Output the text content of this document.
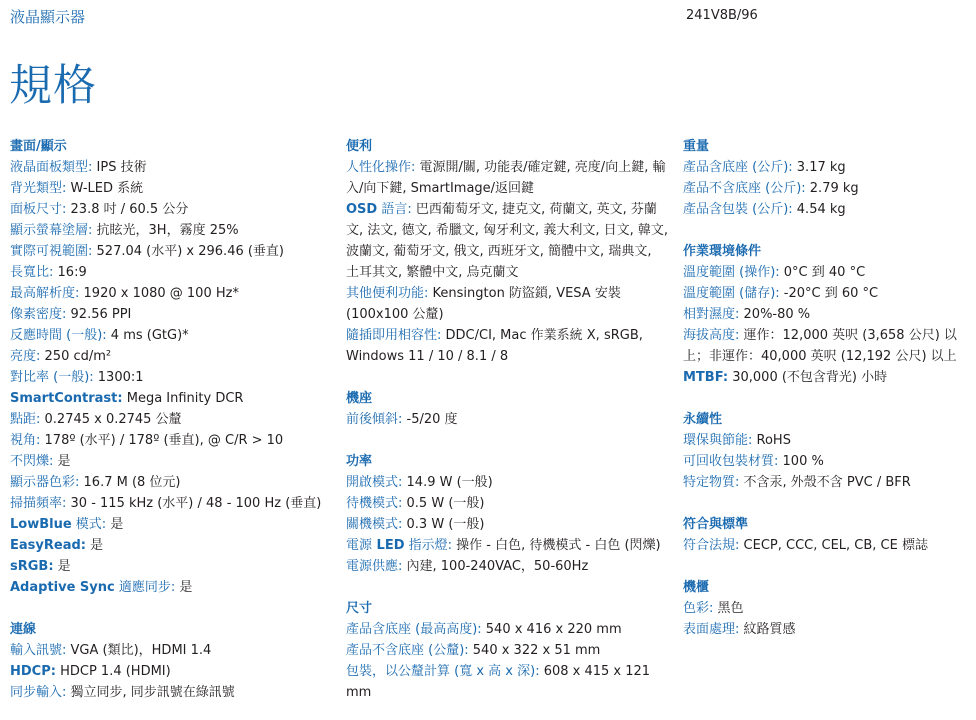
液晶顯示器	241V8B/96
規格
畫面/顯示
液晶面板類型: IPS 技術
背光類型: W-LED 系統
面板尺寸: 23.8 吋 / 60.5 公分
顯示螢幕塗層: 抗眩光，3H，霧度 25%
實際可視範圍: 527.04 (水平) x 296.46 (垂直)
長寬比: 16:9
最高解析度: 1920 x 1080 @ 100 Hz*
像素密度: 92.56 PPI
反應時間 (一般): 4 ms (GtG)*
亮度: 250 cd/m²
對比率 (一般): 1300:1
SmartContrast: Mega Infinity DCR
點距: 0.2745 x 0.2745 公釐
視角: 178º (水平) / 178º (垂直), @ C/R > 10
不閃爍: 是
顯示器色彩: 16.7 M (8 位元)
掃描頻率: 30 - 115 kHz (水平) / 48 - 100 Hz (垂直)
LowBlue 模式: 是
EasyRead: 是
sRGB: 是
Adaptive Sync 適應同步: 是
連線
輸入訊號: VGA (類比)，HDMI 1.4
HDCP: HDCP 1.4 (HDMI)
同步輸入: 獨立同步, 同步訊號在綠訊號
便利
人性化操作: 電源開/關, 功能表/確定鍵, 亮度/向上鍵, 輸入/向下鍵, SmartImage/返回鍵
OSD 語言: 巴西葡萄牙文, 捷克文, 荷蘭文, 英文, 芬蘭文, 法文, 德文, 希臘文, 匈牙利文, 義大利文, 日文, 韓文, 波蘭文, 葡萄牙文, 俄文, 西班牙文, 簡體中文, 瑞典文, 土耳其文, 繁體中文, 烏克蘭文
其他便利功能: Kensington 防盜鎖, VESA 安裝 (100x100 公釐)
隨插即用相容性: DDC/CI, Mac 作業系統 X, sRGB, Windows 11 / 10 / 8.1 / 8
機座
前後傾斜: -5/20 度
功率
開啟模式: 14.9 W (一般)
待機模式: 0.5 W (一般)
關機模式: 0.3 W (一般)
電源 LED 指示燈: 操作 - 白色, 待機模式 - 白色 (閃爍)
電源供應: 內建, 100-240VAC，50-60Hz
尺寸
產品含底座 (最高高度): 540 x 416 x 220 mm
產品不含底座 (公釐): 540 x 322 x 51 mm
包裝，以公釐計算 (寬 x 高 x 深): 608 x 415 x 121 mm
重量
產品含底座 (公斤): 3.17 kg
產品不含底座 (公斤): 2.79 kg
產品含包裝 (公斤): 4.54 kg
作業環境條件
溫度範圍 (操作): 0°C 到 40 °C
溫度範圍 (儲存): -20°C 到 60 °C
相對濕度: 20%-80 %
海拔高度: 運作：12,000 英呎 (3,658 公尺) 以上；非運作：40,000 英呎 (12,192 公尺) 以上
MTBF: 30,000 (不包含背光) 小時
永續性
環保與節能: RoHS
可回收包裝材質: 100 %
特定物質: 不含汞, 外殼不含 PVC / BFR
符合與標準
符合法規: CECP, CCC, CEL, CB, CE 標誌
機櫃
色彩: 黑色
表面處理: 紋路質感
